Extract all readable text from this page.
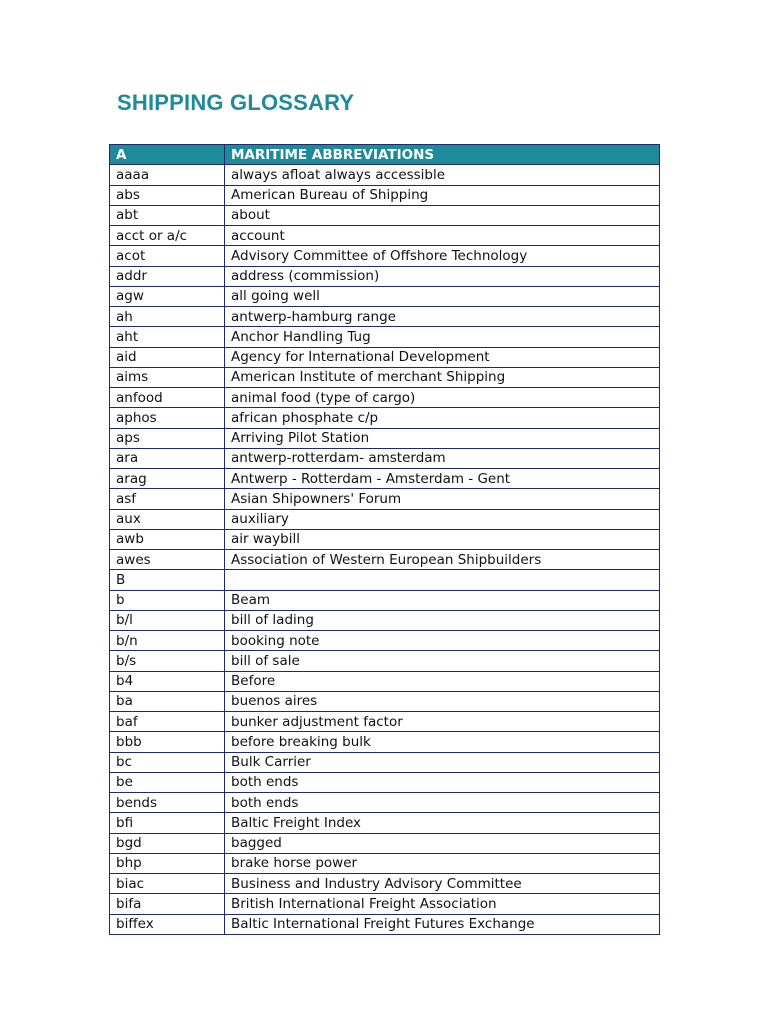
SHIPPING GLOSSARY
A	MARITIME ABBREVIATIONS
aaaa	always afloat always accessible
abs	American Bureau of Shipping
abt	about
acct or a/c	account
acot	Advisory Committee of Offshore Technology
addr	address (commission)
agw	all going well
ah	antwerp-hamburg range
aht	Anchor Handling Tug
aid	Agency for International Development
aims	American Institute of merchant Shipping
anfood	animal food (type of cargo)
aphos	african phosphate c/p
aps	Arriving Pilot Station
ara	antwerp-rotterdam- amsterdam
arag	Antwerp - Rotterdam - Amsterdam - Gent
asf	Asian Shipowners' Forum
aux	auxiliary
awb	air waybill
awes	Association of Western European Shipbuilders
B	
b	Beam
b/l	bill of lading
b/n	booking note
b/s	bill of sale
b4	Before
ba	buenos aires
baf	bunker adjustment factor
bbb	before breaking bulk
bc	Bulk Carrier
be	both ends
bends	both ends
bfi	Baltic Freight Index
bgd	bagged
bhp	brake horse power
biac	Business and Industry Advisory Committee
bifa	British International Freight Association
biffex	Baltic International Freight Futures Exchange
